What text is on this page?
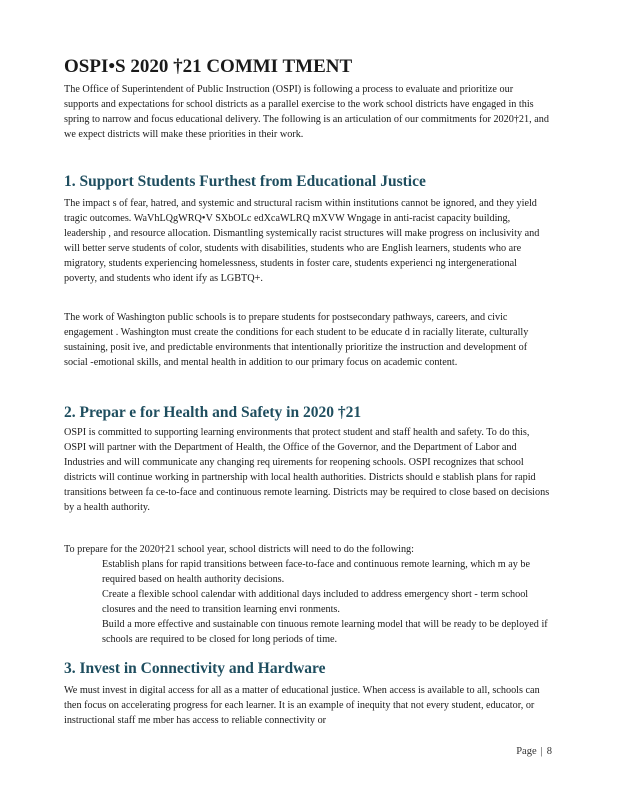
OSPI•S 2020 †21 COMMI TMENT

The Office of Superintendent of Public Instruction (OSPI) is following a process to evaluate and prioritize our supports and expectations for school districts as a parallel exercise to the work school districts have engaged in this spring to narrow and focus educational delivery. The following is an articulation of our commitments for 2020†21, and we expect districts will make these priorities in their work.

1. Support Students Furthest from Educational Justice

The impact s of fear, hatred, and systemic and structural racism within institutions cannot be ignored, and they yield tragic outcomes. WaVhLQgWRQ•V SXbOLc edXcaWLRQ mXVW Wngage in anti-racist capacity building, leadership , and resource allocation. Dismantling systemically racist structures will make progress on inclusivity and will better serve students of color, students with disabilities, students who are English learners, students who are migratory, students experiencing homelessness, students in foster care, students experienci ng intergenerational poverty, and students who ident ify as LGBTQ+.

The work of Washington public schools is to prepare students for postsecondary pathways, careers, and civic engagement . Washington must create the conditions for each student to be educate d in racially literate, culturally sustaining, posit ive, and predictable environments that intentionally prioritize the instruction and development of social -emotional skills, and mental health in addition to our primary focus on academic content.

2. Prepar e for Health and Safety in 2020 †21

OSPI is committed to supporting learning environments that protect student and staff health and safety. To do this, OSPI will partner with the Department of Health, the Office of the Governor, and the Department of Labor and Industries and will communicate any changing req uirements for reopening schools. OSPI recognizes that school districts will continue working in partnership with local health authorities. Districts should e stablish plans for rapid transitions between fa ce-to-face and continuous remote learning. Districts may be required to close based on decisions by a health authority.

To prepare for the 2020†21 school year, school districts will need to do the following:

Establish plans for rapid transitions between face-to-face and continuous remote learning, which m ay be required based on health authority decisions.
Create a flexible school calendar with additional days included to address emergency short - term school closures and the need to transition learning envi ronments.
Build a more effective and sustainable con tinuous remote learning model that will be ready to be deployed if schools are required to be closed for long periods of time.
3. Invest in Connectivity and Hardware

We must invest in digital access for all as a matter of educational justice. When access is available to all, schools can then focus on accelerating progress for each learner. It is an example of inequity that not every student, educator, or instructional staff me mber has access to reliable connectivity or

Page | 8
